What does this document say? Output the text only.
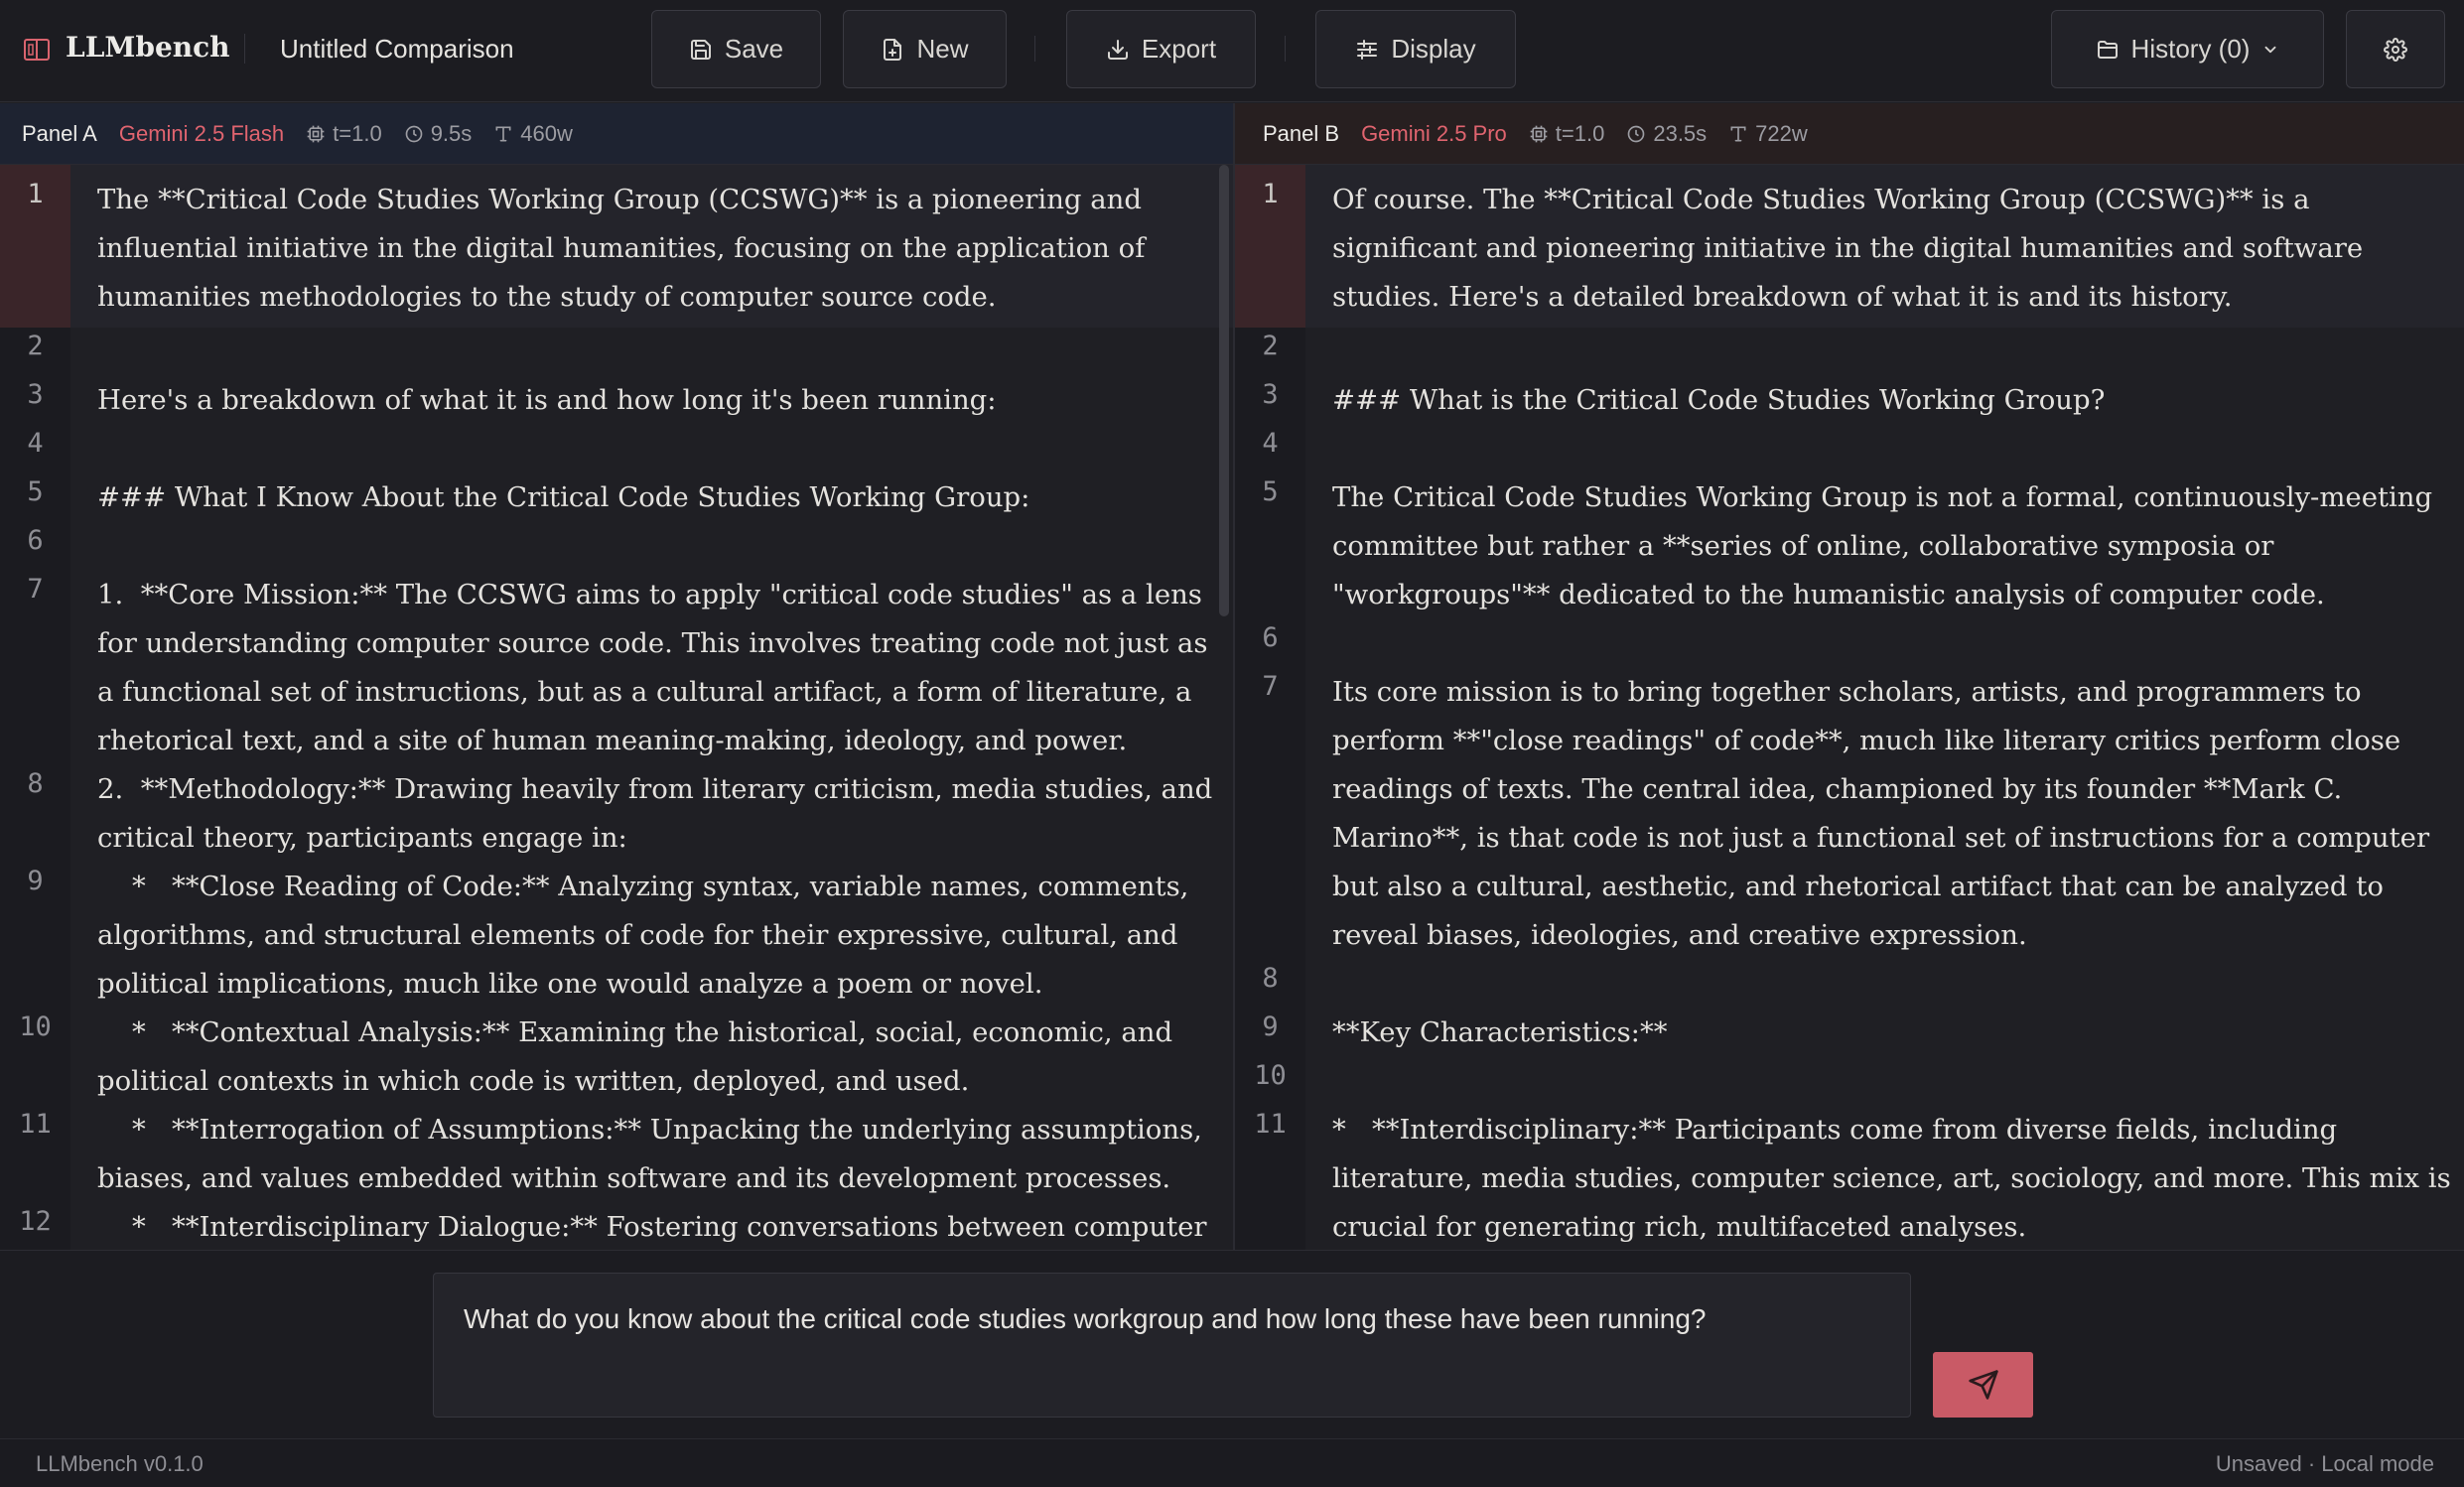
LLMbench Untitled Comparison	Save	New	Export	Display	History (0)
Panel A Gemini 2.5 Flash t=1.0 9.5s 460w	Panel B Gemini 2.5 Pro t=1.0 23.5s 722w
1	The **Critical Code Studies Working Group (CCSWG)** is a pioneering and influential initiative in the digital humanities, focusing on the application of humanities methodologies to the study of computer source code.
2
3	Here's a breakdown of what it is and how long it's been running:
4
5	### What I Know About the Critical Code Studies Working Group:
6
7	1.  **Core Mission:** The CCSWG aims to apply "critical code studies" as a lens for understanding computer source code. This involves treating code not just as a functional set of instructions, but as a cultural artifact, a form of literature, a rhetorical text, and a site of human meaning-making, ideology, and power.
8	2.  **Methodology:** Drawing heavily from literary criticism, media studies, and critical theory, participants engage in:
9	*   **Close Reading of Code:** Analyzing syntax, variable names, comments, algorithms, and structural elements of code for their expressive, cultural, and political implications, much like one would analyze a poem or novel.
10	*   **Contextual Analysis:** Examining the historical, social, economic, and political contexts in which code is written, deployed, and used.
11	*   **Interrogation of Assumptions:** Unpacking the underlying assumptions, biases, and values embedded within software and its development processes.
12	*   **Interdisciplinary Dialogue:** Fostering conversations between computer
1	Of course. The **Critical Code Studies Working Group (CCSWG)** is a significant and pioneering initiative in the digital humanities and software studies. Here's a detailed breakdown of what it is and its history.
2
3	### What is the Critical Code Studies Working Group?
4
5	The Critical Code Studies Working Group is not a formal, continuously-meeting committee but rather a **series of online, collaborative symposia or "workgroups"** dedicated to the humanistic analysis of computer code.
6
7	Its core mission is to bring together scholars, artists, and programmers to perform **"close readings" of code**, much like literary critics perform close readings of texts. The central idea, championed by its founder **Mark C. Marino**, is that code is not just a functional set of instructions for a computer but also a cultural, aesthetic, and rhetorical artifact that can be analyzed to reveal biases, ideologies, and creative expression.
8
9	**Key Characteristics:**
10
11	*   **Interdisciplinary:** Participants come from diverse fields, including literature, media studies, computer science, art, sociology, and more. This mix is crucial for generating rich, multifaceted analyses.
What do you know about the critical code studies workgroup and how long these have been running?
LLMbench v0.1.0	Unsaved · Local mode
